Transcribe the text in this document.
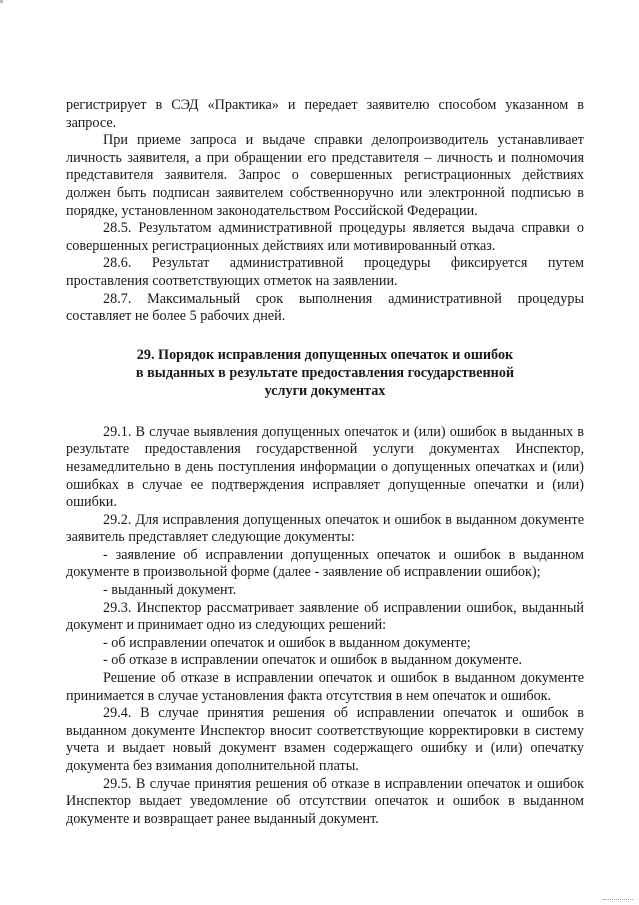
регистрирует в СЭД «Практика» и передает заявителю способом указанном в запросе.

При приеме запроса и выдаче справки делопроизводитель устанавливает личность заявителя, а при обращении его представителя – личность и полномочия представителя заявителя. Запрос о совершенных регистрационных действиях должен быть подписан заявителем собственноручно или электронной подписью в порядке, установленном законодательством Российской Федерации.

28.5. Результатом административной процедуры является выдача справки о совершенных регистрационных действиях или мотивированный отказ.

28.6. Результат административной процедуры фиксируется путем проставления соответствующих отметок на заявлении.

28.7. Максимальный срок выполнения административной процедуры составляет не более 5 рабочих дней.

29. Порядок исправления допущенных опечаток и ошибок
в выданных в результате предоставления государственной
услуги документах

29.1. В случае выявления допущенных опечаток и (или) ошибок в выданных в результате предоставления государственной услуги документах Инспектор, незамедлительно в день поступления информации о допущенных опечатках и (или) ошибках в случае ее подтверждения исправляет допущенные опечатки и (или) ошибки.

29.2. Для исправления допущенных опечаток и ошибок в выданном документе заявитель представляет следующие документы:

- заявление об исправлении допущенных опечаток и ошибок в выданном документе в произвольной форме (далее - заявление об исправлении ошибок);

- выданный документ.

29.3. Инспектор рассматривает заявление об исправлении ошибок, выданный документ и принимает одно из следующих решений:

- об исправлении опечаток и ошибок в выданном документе;

- об отказе в исправлении опечаток и ошибок в выданном документе.

Решение об отказе в исправлении опечаток и ошибок в выданном документе принимается в случае установления факта отсутствия в нем опечаток и ошибок.

29.4. В случае принятия решения об исправлении опечаток и ошибок в выданном документе Инспектор вносит соответствующие корректировки в систему учета и выдает новый документ взамен содержащего ошибку и (или) опечатку документа без взимания дополнительной платы.

29.5. В случае принятия решения об отказе в исправлении опечаток и ошибок Инспектор выдает уведомление об отсутствии опечаток и ошибок в выданном документе и возвращает ранее выданный документ.
